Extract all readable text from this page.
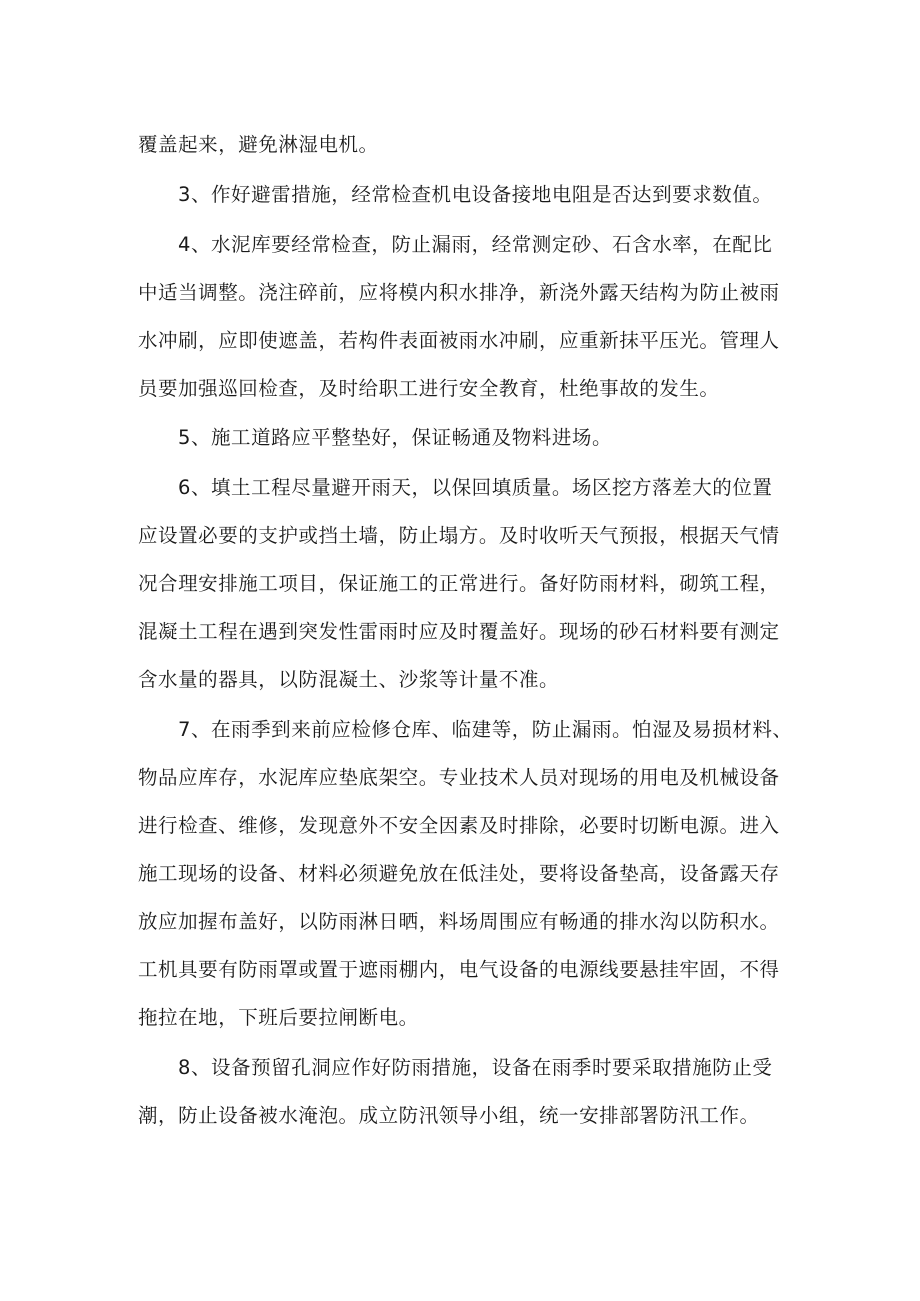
覆盖起来，避免淋湿电机。
3、作好避雷措施，经常检查机电设备接地电阻是否达到要求数值。
4、水泥库要经常检查，防止漏雨，经常测定砂、石含水率，在配比
中适当调整。浇注碎前，应将模内积水排净，新浇外露天结构为防止被雨
水冲刷，应即使遮盖，若构件表面被雨水冲刷，应重新抹平压光。管理人
员要加强巡回检查，及时给职工进行安全教育，杜绝事故的发生。
5、施工道路应平整垫好，保证畅通及物料进场。
6、填土工程尽量避开雨天，以保回填质量。场区挖方落差大的位置
应设置必要的支护或挡土墙，防止塌方。及时收听天气预报，根据天气情
况合理安排施工项目，保证施工的正常进行。备好防雨材料，砌筑工程，
混凝土工程在遇到突发性雷雨时应及时覆盖好。现场的砂石材料要有测定
含水量的器具，以防混凝土、沙浆等计量不准。
7、在雨季到来前应检修仓库、临建等，防止漏雨。怕湿及易损材料、
物品应库存，水泥库应垫底架空。专业技术人员对现场的用电及机械设备
进行检查、维修，发现意外不安全因素及时排除，必要时切断电源。进入
施工现场的设备、材料必须避免放在低洼处，要将设备垫高，设备露天存
放应加握布盖好，以防雨淋日晒，料场周围应有畅通的排水沟以防积水。
工机具要有防雨罩或置于遮雨棚内，电气设备的电源线要悬挂牢固，不得
拖拉在地，下班后要拉闸断电。
8、设备预留孔洞应作好防雨措施，设备在雨季时要采取措施防止受
潮，防止设备被水淹泡。成立防汛领导小组，统一安排部署防汛工作。
